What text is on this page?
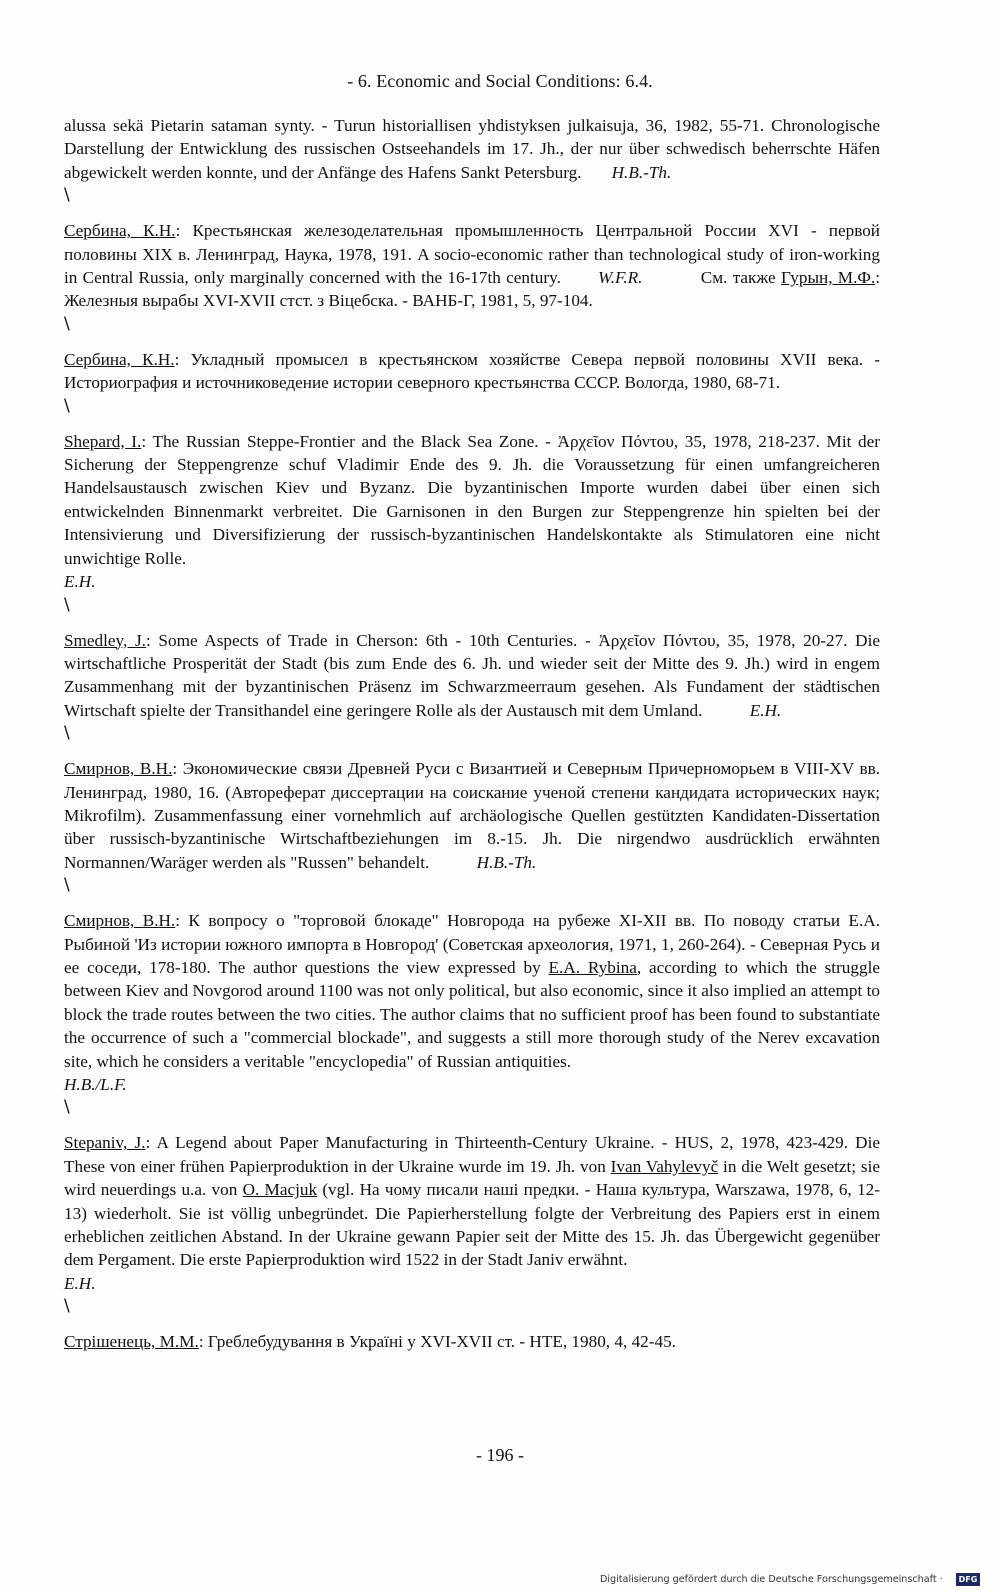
- 6. Economic and Social Conditions: 6.4.

alussa sekä Pietarin sataman synty. - Turun historiallisen yhdistyksen julkaisuja, 36, 1982, 55-71. Chronologische Darstellung der Entwicklung des russischen Ostseehandels im 17. Jh., der nur über schwedisch beherrschte Häfen abgewickelt werden konnte, und der Anfänge des Hafens Sankt Petersburg. H.B.-Th.

\

Сербина, К.Н.: Крестьянская железоделательная промышленность Центральной России XVI - первой половины XIX в. Ленинград, Наука, 1978, 191. A socio-economic rather than technological study of iron-working in Central Russia, only marginally concerned with the 16-17th century. W.F.R.	См. также Гурын, М.Ф.: Железныя вырабы XVI-XVII стст. з Віцебска. - ВАНБ-Г, 1981, 5, 97-104.

\

Сербина, К.Н.: Укладный промысел в крестьянском хозяйстве Севера первой половины XVII века. - Историография и источниковедение истории северного крестьянства СССР. Вологда, 1980, 68-71.

\

Shepard, I.: The Russian Steppe-Frontier and the Black Sea Zone. - Ἀρχεῖον Πόντου, 35, 1978, 218-237. Mit der Sicherung der Steppengrenze schuf Vladimir Ende des 9. Jh. die Voraussetzung für einen umfangreicheren Handelsaustausch zwischen Kiev und Byzanz. Die byzantinischen Importe wurden dabei über einen sich entwickelnden Binnenmarkt verbreitet. Die Garnisonen in den Burgen zur Steppengrenze hin spielten bei der Intensivierung und Diversifizierung der russisch-byzantinischen Handelskontakte als Stimulatoren eine nicht unwichtige Rolle.

E.H.

\

Smedley, J.: Some Aspects of Trade in Cherson: 6th - 10th Centuries. - Ἀρχεῖον Πόντου, 35, 1978, 20-27. Die wirtschaftliche Prosperität der Stadt (bis zum Ende des 6. Jh. und wieder seit der Mitte des 9. Jh.) wird in engem Zusammenhang mit der byzantinischen Präsenz im Schwarzmeerraum gesehen. Als Fundament der städtischen Wirtschaft spielte der Transithandel eine geringere Rolle als der Austausch mit dem Umland.	E.H.

\

Смирнов, В.Н.: Экономические связи Древней Руси с Византией и Северным Причерноморьем в VIII-XV вв. Ленинград, 1980, 16. (Автореферат диссертации на соискание ученой степени кандидата исторических наук; Mikrofilm). Zusammenfassung einer vornehmlich auf archäologische Quellen gestützten Kandidaten-Dissertation über russisch-byzantinische Wirtschaftbeziehungen im 8.-15. Jh. Die nirgendwo ausdrücklich erwähnten Normannen/Waräger werden als "Russen" behandelt.	H.B.-Th.

\

Смирнов, В.Н.: К вопросу о "торговой блокаде" Новгорода на рубеже XI-XII вв. По поводу статьи Е.А. Рыбиной 'Из истории южного импорта в Новгород' (Советская археология, 1971, 1, 260-264). - Северная Русь и ее соседи, 178-180. The author questions the view expressed by E.A. Rybina, according to which the struggle between Kiev and Novgorod around 1100 was not only political, but also economic, since it also implied an attempt to block the trade routes between the two cities. The author claims that no sufficient proof has been found to substantiate the occurrence of such a "commercial blockade", and suggests a still more thorough study of the Nerev excavation site, which he considers a veritable "encyclopedia" of Russian antiquities.

H.B./L.F.

\

Stepaniv, J.: A Legend about Paper Manufacturing in Thirteenth-Century Ukraine. - HUS, 2, 1978, 423-429. Die These von einer frühen Papierproduktion in der Ukraine wurde im 19. Jh. von Ivan Vahylevyč in die Welt gesetzt; sie wird neuerdings u.a. von O. Macjuk (vgl. На чому писали наші предки. - Наша культура, Warszawa, 1978, 6, 12-13) wiederholt. Sie ist völlig unbegründet. Die Papierherstellung folgte der Verbreitung des Papiers erst in einem erheblichen zeitlichen Abstand. In der Ukraine gewann Papier seit der Mitte des 15. Jh. das Übergewicht gegenüber dem Pergament. Die erste Papierproduktion wird 1522 in der Stadt Janiv erwähnt.

E.H.

\

Стрішенець, М.М.: Греблебудування в Україні у XVI-XVII ст. - НТЕ, 1980, 4, 42-45.

- 196 -
Digitalisierung gefördert durch die Deutsche Forschungsgemeinschaft ·	DFG
